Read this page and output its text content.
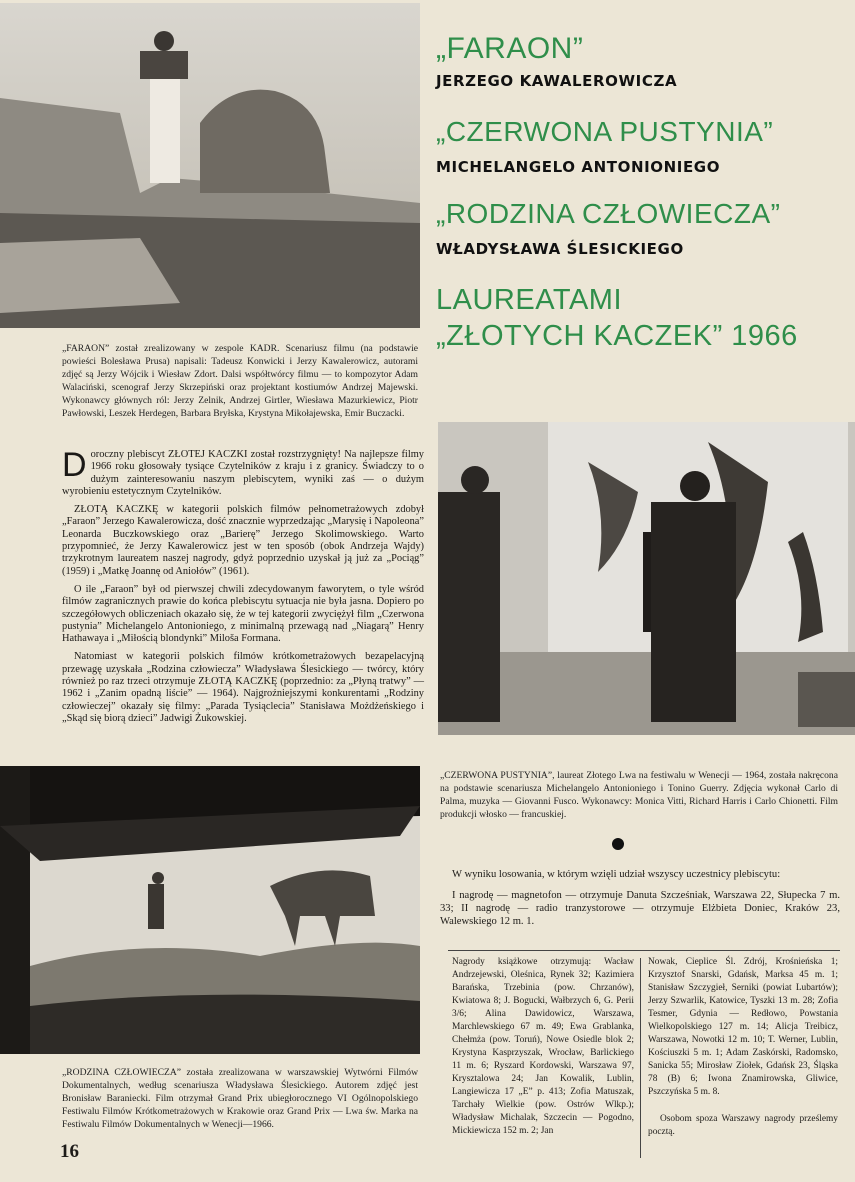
„FARAON”
JERZEGO KAWALEROWICZA
„CZERWONA PUSTYNIA”
MICHELANGELO ANTONIONIEGO
„RODZINA CZŁOWIECZA”
WŁADYSŁAWA ŚLESICKIEGO
LAUREATAMI
„ZŁOTYCH KACZEK” 1966
„FARAON” został zrealizowany w zespole KADR. Scenariusz filmu (na podstawie powieści Bolesława Prusa) napisali: Tadeusz Konwicki i Jerzy Kawalerowicz, autorami zdjęć są Jerzy Wójcik i Wiesław Zdort. Dalsi współtwórcy filmu — to kompozytor Adam Walaciński, scenograf Jerzy Skrzepiński oraz projektant kostiumów Andrzej Majewski. Wykonawcy głównych ról: Jerzy Zelnik, Andrzej Girtler, Wiesława Mazurkiewicz, Piotr Pawłowski, Leszek Herdegen, Barbara Bryłska, Krystyna Mikołajewska, Emir Buczacki.

Doroczny plebiscyt ZŁOTEJ KACZKI został rozstrzygnięty! Na najlepsze filmy 1966 roku głosowały tysiące Czytelników z kraju i z granicy. Świadczy to o dużym zainteresowaniu naszym plebiscytem, wyniki zaś — o dużym wyrobieniu estetycznym Czytelników.

ZŁOTĄ KACZKĘ w kategorii polskich filmów pełnometrażowych zdobył „Faraon” Jerzego Kawalerowicza, dość znacznie wyprzedzając „Marysię i Napoleona” Leonarda Buczkowskiego oraz „Barierę” Jerzego Skolimowskiego. Warto przypomnieć, że Jerzy Kawalerowicz jest w ten sposób (obok Andrzeja Wajdy) trzykrotnym laureatem naszej nagrody, gdyż poprzednio uzyskał ją już za „Pociąg” (1959) i „Matkę Joannę od Aniołów” (1961).

O ile „Faraon” był od pierwszej chwili zdecydowanym faworytem, o tyle wśród filmów zagranicznych prawie do końca plebiscytu sytuacja nie była jasna. Dopiero po szczegółowych obliczeniach okazało się, że w tej kategorii zwyciężył film „Czerwona pustynia” Michelangelo Antonioniego, z minimalną przewagą nad „Niagarą” Henry Hathawaya i „Miłością blondynki” Miloša Formana.

Natomiast w kategorii polskich filmów krótkometrażowych bezapelacyjną przewagę uzyskała „Rodzina człowiecza” Władysława Ślesickiego — twórcy, który również po raz trzeci otrzymuje ZŁOTĄ KACZKĘ (poprzednio: za „Płyną tratwy” — 1962 i „Zanim opadną liście” — 1964). Najgroźniejszymi konkurentami „Rodziny człowieczej” okazały się filmy: „Parada Tysiąclecia” Stanisława Możdżeńskiego i „Skąd się biorą dzieci” Jadwigi Żukowskiej.

„CZERWONA PUSTYNIA”, laureat Złotego Lwa na festiwalu w Wenecji — 1964, została nakręcona na podstawie scenariusza Michelangelo Antonioniego i Tonino Guerry. Zdjęcia wykonał Carlo di Palma, muzyka — Giovanni Fusco. Wykonawcy: Monica Vitti, Richard Harris i Carlo Chionetti. Film produkcji włosko — francuskiej.

W wyniku losowania, w którym wzięli udział wszyscy uczestnicy plebiscytu:

I nagrodę — magnetofon — otrzymuje Danuta Szcześniak, Warszawa 22, Słupecka 7 m. 33; II nagrodę — radio tranzystorowe — otrzymuje Elżbieta Doniec, Kraków 23, Walewskiego 12 m. 1.

Nagrody książkowe otrzymują: Wacław Andrzejewski, Oleśnica, Rynek 32; Kazimiera Barańska, Trzebinia (pow. Chrzanów), Kwiatowa 8; J. Bogucki, Wałbrzych 6, G. Perii 3/6; Alina Dawidowicz, Warszawa, Marchlewskiego 67 m. 49; Ewa Grablanka, Chełmża (pow. Toruń), Nowe Osiedle blok 2; Krystyna Kasprzyszak, Wrocław, Barlickiego 11 m. 6; Ryszard Kordowski, Warszawa 97, Krysztalowa 24; Jan Kowalik, Lublin, Langiewicza 17 „E” p. 413; Zofia Matuszak, Tarchały Wielkie (pow. Ostrów Wlkp.); Władysław Michalak, Szczecin — Pogodno, Mickiewicza 152 m. 2; Jan
Nowak, Cieplice Śl. Zdrój, Krośnieńska 1; Krzysztof Snarski, Gdańsk, Marksa 45 m. 1; Stanisław Szczygieł, Serniki (powiat Lubartów); Jerzy Szwarlik, Katowice, Tyszki 13 m. 28; Zofia Tesmer, Gdynia — Redłowo, Powstania Wielkopolskiego 127 m. 14; Alicja Treibicz, Warszawa, Nowotki 12 m. 10; T. Werner, Lublin, Kościuszki 5 m. 1; Adam Zaskórski, Radomsko, Sanicka 55; Mirosław Ziołek, Gdańsk 23, Śląska 78 (B) 6; Iwona Znamirowska, Gliwice, Pszczyńska 5 m. 8.
Osobom spoza Warszawy nagrody prześlemy pocztą.
„RODZINA CZŁOWIECZA” została zrealizowana w warszawskiej Wytwórni Filmów Dokumentalnych, według scenariusza Władysława Ślesickiego. Autorem zdjęć jest Bronisław Baraniecki. Film otrzymał Grand Prix ubiegłorocznego VI Ogólnopolskiego Festiwalu Filmów Krótkometrażowych w Krakowie oraz Grand Prix — Lwa św. Marka na Festiwalu Filmów Dokumentalnych w Wenecji—1966.
16
